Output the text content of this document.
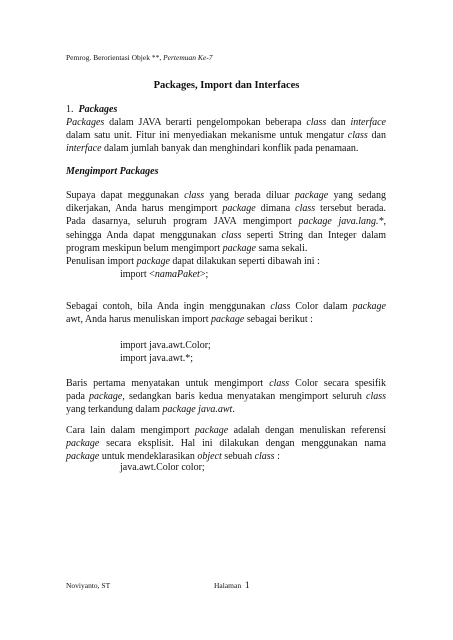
Pemrog. Berorientasi Objek **, Pertemuan Ke-7
Packages, Import dan Interfaces
1. Packages
Packages dalam JAVA berarti pengelompokan beberapa class dan interface
dalam satu unit. Fitur ini menyediakan mekanisme untuk mengatur class dan
interface dalam jumlah banyak dan menghindari konflik pada penamaan.
Mengimport Packages
Supaya dapat meggunakan class yang berada diluar package yang sedang
dikerjakan, Anda harus mengimport package dimana class tersebut berada.
Pada dasarnya, seluruh program JAVA mengimport package java.lang.*,
sehingga Anda dapat menggunakan class seperti String dan Integer dalam
program meskipun belum mengimport package sama sekali.
Penulisan import package dapat dilakukan seperti dibawah ini :
import <namaPaket>;
Sebagai contoh, bila Anda ingin menggunakan class Color dalam package
awt, Anda harus menuliskan import package sebagai berikut :
import java.awt.Color;
import java.awt.*;
Baris pertama menyatakan untuk mengimport class Color secara spesifik
pada package, sedangkan baris kedua menyatakan mengimport seluruh class
yang terkandung dalam package java.awt.
Cara lain dalam mengimport package adalah dengan menuliskan referensi
package secara eksplisit. Hal ini dilakukan dengan menggunakan nama
package untuk mendeklarasikan object sebuah class :
java.awt.Color color;
Noviyanto, ST	Halaman 1
